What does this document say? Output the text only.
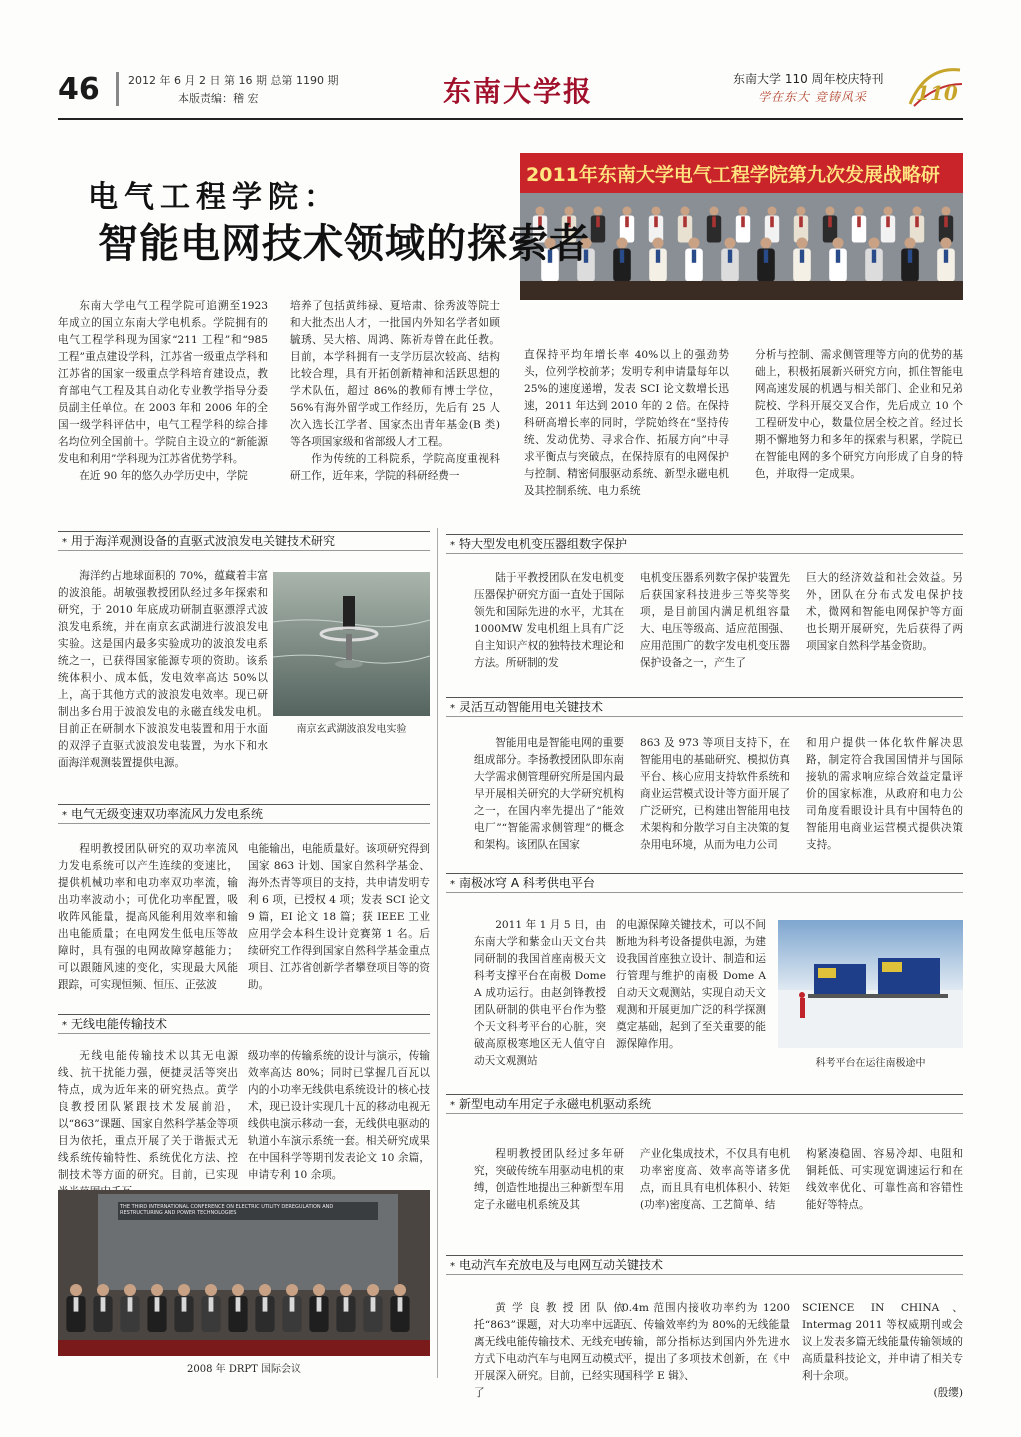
46	2012 年 6 月 2 日 第 16 期 总第 1190 期
本版责编：稽 宏	东南大学报	东南大学 110 周年校庆特刊
学在东大 竞铸风采 110
2011年东南大学电气工程学院第九次发展战略研
电气工程学院：
智能电网技术领域的探索者

东南大学电气工程学院可追溯至1923 年成立的国立东南大学电机系。学院拥有的电气工程学科现为国家“211 工程”和“985 工程”重点建设学科，江苏省一级重点学科和江苏省的国家一级重点学科培育建设点，教育部电气工程及其自动化专业教学指导分委员副主任单位。在 2003 年和 2006 年的全国一级学科评估中，电气工程学科的综合排名均位列全国前十。学院自主设立的“新能源发电和利用”学科现为江苏省优势学科。

在近 90 年的悠久办学历史中，学院

培养了包括黄纬禄、夏培肃、徐秀波等院士和大批杰出人才，一批国内外知名学者如顾毓琇、吴大榕、周鸿、陈祈寿曾在此任教。目前，本学科拥有一支学历层次较高、结构比较合理，具有开拓创新精神和活跃思想的学术队伍，超过 86%的教师有博士学位，56%有海外留学或工作经历，先后有 25 人次入选长江学者、国家杰出青年基金(B 类)等各项国家级和省部级人才工程。

作为传统的工科院系，学院高度重视科研工作，近年来，学院的科研经费一

直保持平均年增长率 40%以上的强劲势头，位列学校前茅；发明专利申请量每年以 25%的速度递增，发表 SCI 论文数增长迅速，2011 年达到 2010 年的 2 倍。在保持科研高增长率的同时，学院始终在“坚持传统、发动优势、寻求合作、拓展方向”中寻求平衡点与突破点，在保持原有的电网保护与控制、精密伺服驱动系统、新型永磁电机及其控制系统、电力系统

分析与控制、需求侧管理等方向的优势的基础上，积极拓展新兴研究方向，抓住智能电网高速发展的机遇与相关部门、企业和兄弟院校、学科开展交叉合作，先后成立 10 个工程研发中心，数量位居全校之首。经过长期不懈地努力和多年的探索与积累，学院已在智能电网的多个研究方向形成了自身的特色，并取得一定成果。

* 用于海洋观测设备的直驱式波浪发电关键技术研究

海洋约占地球面积的 70%，蕴藏着丰富的波浪能。胡敏强教授团队经过多年探索和研究，于 2010 年底成功研制直驱漂浮式波浪发电系统，并在南京玄武湖进行波浪发电实验。这是国内最多实验成功的波浪发电系统之一，已获得国家能源专项的资助。该系统体积小、成本低，发电效率高达 50%以上，高于其他方式的波浪发电效率。现已研制出多台用于波浪发电的永磁直线发电机。目前正在研制水下波浪发电装置和用于水面的双浮子直驱式波浪发电装置，为水下和水面海洋观测装置提供电源。

南京玄武湖波浪发电实验
* 电气无级变速双功率流风力发电系统

程明教授团队研究的双功率流风力发电系统可以产生连续的变速比，提供机械功率和电功率双功率流，输出功率波动小；可优化功率配置，吸收阵风能量，提高风能利用效率和输出电能质量；在电网发生低电压等故障时，具有强的电网故障穿越能力；可以跟随风速的变化，实现最大风能跟踪，可实现恒频、恒压、正弦波

电能输出，电能质量好。该项研究得到国家 863 计划、国家自然科学基金、海外杰青等项目的支持，共申请发明专利 6 项，已授权 4 项；发表 SCI 论文 9 篇，EI 论文 18 篇；获 IEEE 工业应用学会本科生设计竞赛第 1 名。后续研究工作得到国家自然科学基金重点项目、江苏省创新学者攀登项目等的资助。

* 无线电能传输技术

无线电能传输技术以其无电源线、抗干扰能力强，便捷灵活等突出特点，成为近年来的研究热点。黄学良教授团队紧跟技术发展前沿，以“863”课题、国家自然科学基金等项目为依托，重点开展了关于谐振式无线系统传输特性、系统优化方法、控制技术等方面的研究。目前，已实现

级功率的传输系统的设计与演示，传输效率高达 80%；同时已掌握几百瓦以内的小功率无线供电系统设计的核心技术，现已设计实现几十瓦的移动电视无线供电演示移动一套，无线供电驱动的轨道小车演示系统一套。相关研究成果在中国科学等期刊发表论文 10 余篇，申请专利 10 余项。

THE THIRD INTERNATIONAL CONFERENCE ON ELECTRIC UTILITY DEREGULATION AND RESTRUCTURING AND POWER TECHNOLOGIES
2008 年 DRPT 国际会议
* 特大型发电机变压器组数字保护

陆于平教授团队在发电机变压器保护研究方面一直处于国际领先和国际先进的水平，尤其在 1000MW 发电机组上具有广泛自主知识产权的独特技术理论和方法。所研制的发

电机变压器系列数字保护装置先后获国家科技进步三等奖等奖项，是目前国内满足机组容量大、电压等级高、适应范围强、应用范围广的数字发电机变压器保护设备之一，产生了

巨大的经济效益和社会效益。另外，团队在分布式发电保护技术，微网和智能电网保护等方面也长期开展研究，先后获得了两项国家自然科学基金资助。

* 灵活互动智能用电关键技术

智能用电是智能电网的重要组成部分。李扬教授团队即东南大学需求侧管理研究所是国内最早开展相关研究的大学研究机构之一，在国内率先提出了“能效电厂”“智能需求侧管理”的概念和架构。该团队在国家

863 及 973 等项目支持下，在智能用电的基础研究、模拟仿真平台、核心应用支持软件系统和商业运营模式设计等方面开展了广泛研究，已构建出智能用电技术架构和分散学习自主决策的复杂用电环境，从而为电力公司

和用户提供一体化软件解决思路，制定符合我国国情并与国际接轨的需求响应综合效益定量评价的国家标准，从政府和电力公司角度看眼设计具有中国特色的智能用电商业运营模式提供决策支持。

* 南极冰穹 A 科考供电平台

2011 年 1 月 5 日，由东南大学和紫金山天文台共同研制的我国首座南极天文科考支撑平台在南极 Dome A 成功运行。由赵剑锋教授团队研制的供电平台作为整个天文科考平台的心脏，突破高原极寒地区无人值守自动天文观测站

的电源保障关键技术，可以不间断地为科考设备提供电源，为建设我国首座独立设计、制造和运行管理与维护的南极 Dome A 自动天文观测站，实现自动天文观测和开展更加广泛的科学探测奠定基础，起到了至关重要的能源保障作用。

科考平台在运往南极途中
* 新型电动车用定子永磁电机驱动系统

程明教授团队经过多年研究，突破传统车用驱动电机的束缚，创造性地提出三种新型车用定子永磁电机系统及其

产业化集成技术，不仅具有电机功率密度高、效率高等诸多优点，而且具有电机体积小、转矩(功率)密度高、工艺简单、结

构紧凑稳固、容易冷却、电阻和铜耗低、可实现宽调速运行和在线效率优化、可靠性高和容错性能好等特点。

* 电动汽车充放电及与电网互动关键技术

黄学良教授团队依托“863”课题，对大功率中远距离无线电能传输技术、无线充电方式下电动汽车与电网互动模式开展深入研究。目前，已经实现了

0.4m 范围内接收功率约为 1200 瓦、传输效率约为 80%的无线能量传输，部分指标达到国内外先进水平，提出了多项技术创新，在《中国科学 E 辑》、

SCIENCE IN CHINA、Intermag 2011 等权威期刊或会议上发表多篇无线能量传输领域的高质量科技论文，并申请了相关专利十余项。

(殷缨)
